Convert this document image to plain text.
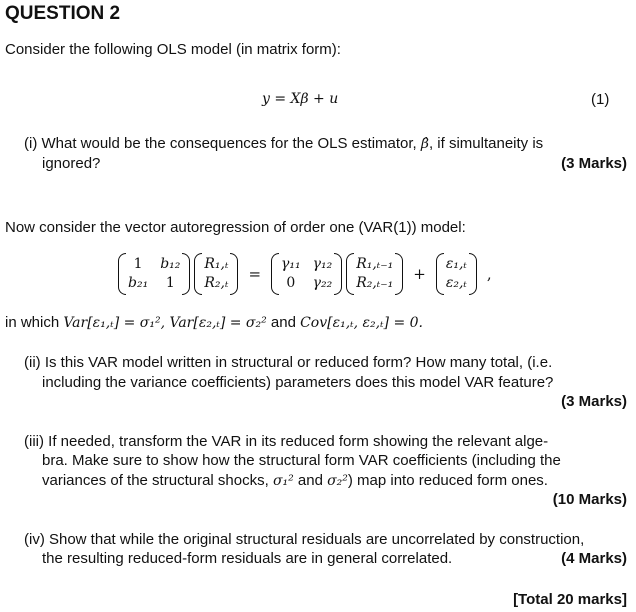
QUESTION 2
Consider the following OLS model (in matrix form):
y = Xβ + u	(1)
(i) What would be the consequences for the OLS estimator, β̂, if simultaneity is
ignored?	(3 Marks)
Now consider the vector autoregression of order one (VAR(1)) model:
1	b₁₂
b₂₁	1
R₁,ₜ
R₂,ₜ =
γ₁₁ γ₁₂
0	γ₂₂
R₁,ₜ₋₁
R₂,ₜ₋₁ +
ε₁,ₜ
ε₂,ₜ ,
in which Var[ε₁,ₜ] = σ₁², Var[ε₂,ₜ] = σ₂² and Cov[ε₁,ₜ, ε₂,ₜ] = 0.
(ii) Is this VAR model written in structural or reduced form? How many total, (i.e.
including the variance coefficients) parameters does this model VAR feature?
(3 Marks)
(iii) If needed, transform the VAR in its reduced form showing the relevant alge-
bra. Make sure to show how the structural form VAR coefficients (including the
variances of the structural shocks, σ₁² and σ₂²) map into reduced form ones.
(10 Marks)
(iv) Show that while the original structural residuals are uncorrelated by construction,
the resulting reduced-form residuals are in general correlated.	(4 Marks)
[Total 20 marks]
